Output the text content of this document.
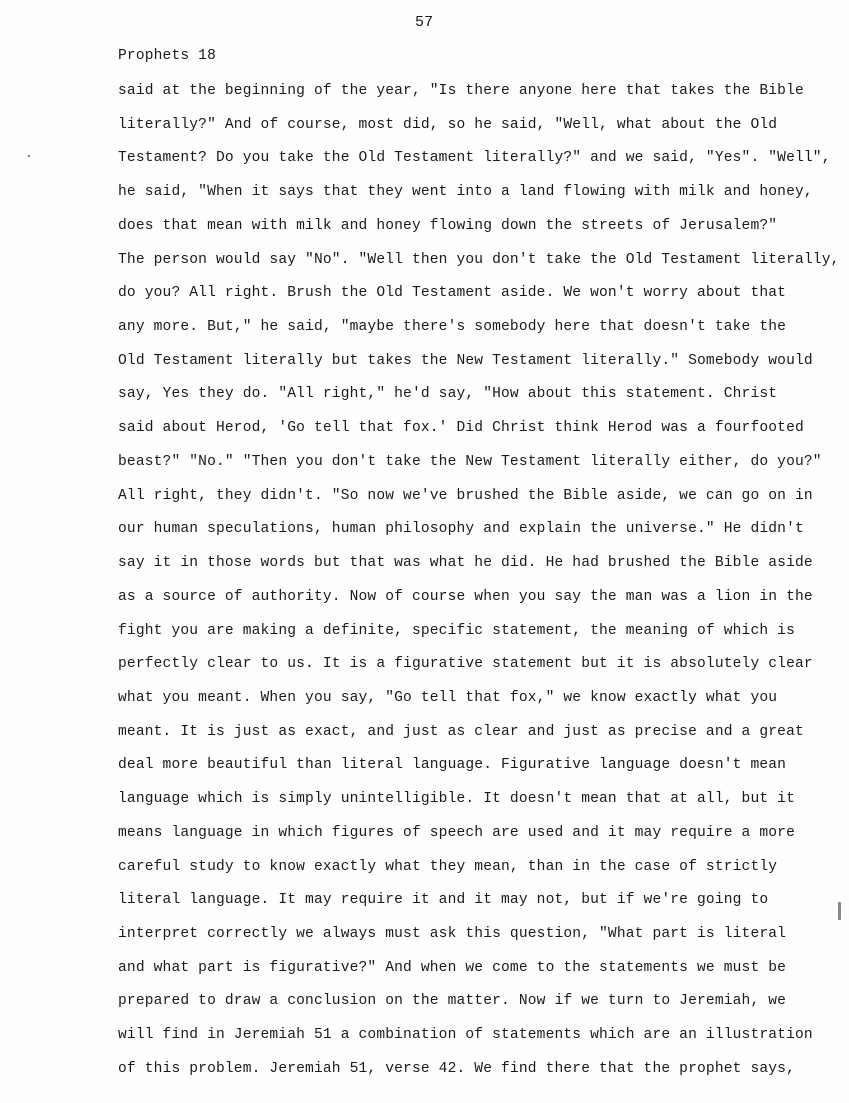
57
Prophets 18
said at the beginning of the year, "Is there anyone here that takes the Bible
literally?" And of course, most did, so he said, "Well, what about the Old
Testament? Do you take the Old Testament literally?" and we said, "Yes". "Well",
he said, "When it says that they went into a land flowing with milk and honey,
does that mean with milk and honey flowing down the streets of Jerusalem?"
The person would say "No". "Well then you don't take the Old Testament literally,
do you? All right. Brush the Old Testament aside. We won't worry about that
any more. But," he said, "maybe there's somebody here that doesn't take the
Old Testament literally but takes the New Testament literally." Somebody would
say, Yes they do. "All right," he'd say, "How about this statement. Christ
said about Herod, 'Go tell that fox.' Did Christ think Herod was a fourfooted
beast?" "No." "Then you don't take the New Testament literally either, do you?"
All right, they didn't. "So now we've brushed the Bible aside, we can go on in
our human speculations, human philosophy and explain the universe." He didn't
say it in those words but that was what he did. He had brushed the Bible aside
as a source of authority. Now of course when you say the man was a lion in the
fight you are making a definite, specific statement, the meaning of which is
perfectly clear to us. It is a figurative statement but it is absolutely clear
what you meant. When you say, "Go tell that fox," we know exactly what you
meant. It is just as exact, and just as clear and just as precise and a great
deal more beautiful than literal language. Figurative language doesn't mean
language which is simply unintelligible. It doesn't mean that at all, but it
means language in which figures of speech are used and it may require a more
careful study to know exactly what they mean, than in the case of strictly
literal language. It may require it and it may not, but if we're going to
interpret correctly we always must ask this question, "What part is literal
and what part is figurative?" And when we come to the statements we must be
prepared to draw a conclusion on the matter. Now if we turn to Jeremiah, we
will find in Jeremiah 51 a combination of statements which are an illustration
of this problem. Jeremiah 51, verse 42. We find there that the prophet says,
